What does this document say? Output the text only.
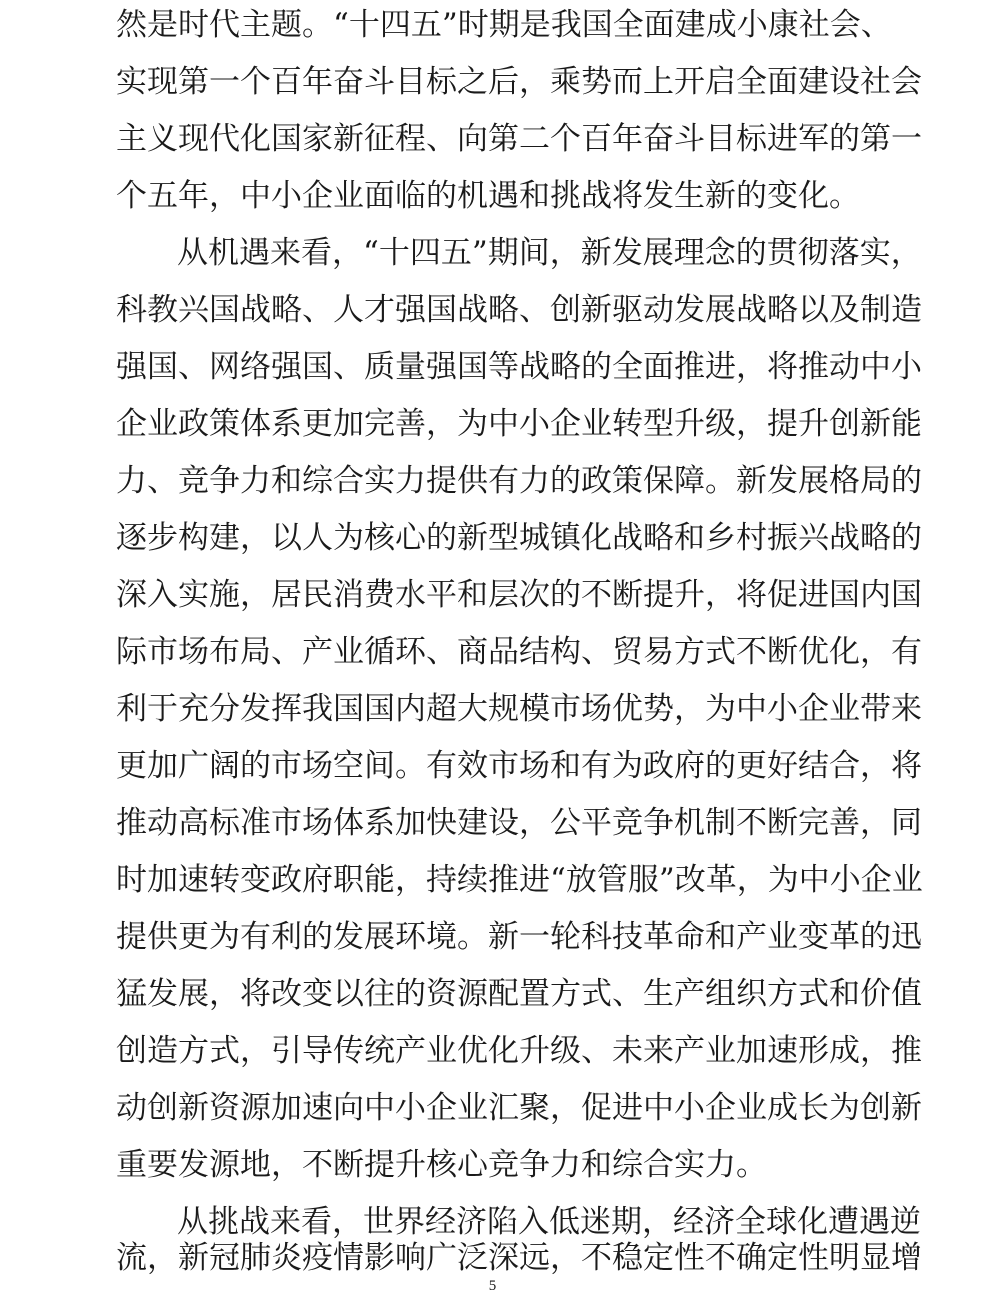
然是时代主题。“十四五”时期是我国全面建成小康社会、
实现第一个百年奋斗目标之后，乘势而上开启全面建设社会
主义现代化国家新征程、向第二个百年奋斗目标进军的第一
个五年，中小企业面临的机遇和挑战将发生新的变化。
从机遇来看，“十四五”期间，新发展理念的贯彻落实，
科教兴国战略、人才强国战略、创新驱动发展战略以及制造
强国、网络强国、质量强国等战略的全面推进，将推动中小
企业政策体系更加完善，为中小企业转型升级，提升创新能
力、竞争力和综合实力提供有力的政策保障。新发展格局的
逐步构建，以人为核心的新型城镇化战略和乡村振兴战略的
深入实施，居民消费水平和层次的不断提升，将促进国内国
际市场布局、产业循环、商品结构、贸易方式不断优化，有
利于充分发挥我国国内超大规模市场优势，为中小企业带来
更加广阔的市场空间。有效市场和有为政府的更好结合，将
推动高标准市场体系加快建设，公平竞争机制不断完善，同
时加速转变政府职能，持续推进“放管服”改革，为中小企业
提供更为有利的发展环境。新一轮科技革命和产业变革的迅
猛发展，将改变以往的资源配置方式、生产组织方式和价值
创造方式，引导传统产业优化升级、未来产业加速形成，推
动创新资源加速向中小企业汇聚，促进中小企业成长为创新
重要发源地，不断提升核心竞争力和综合实力。
从挑战来看，世界经济陷入低迷期，经济全球化遭遇逆
5
流，新冠肺炎疫情影响广泛深远，不稳定性不确定性明显增
